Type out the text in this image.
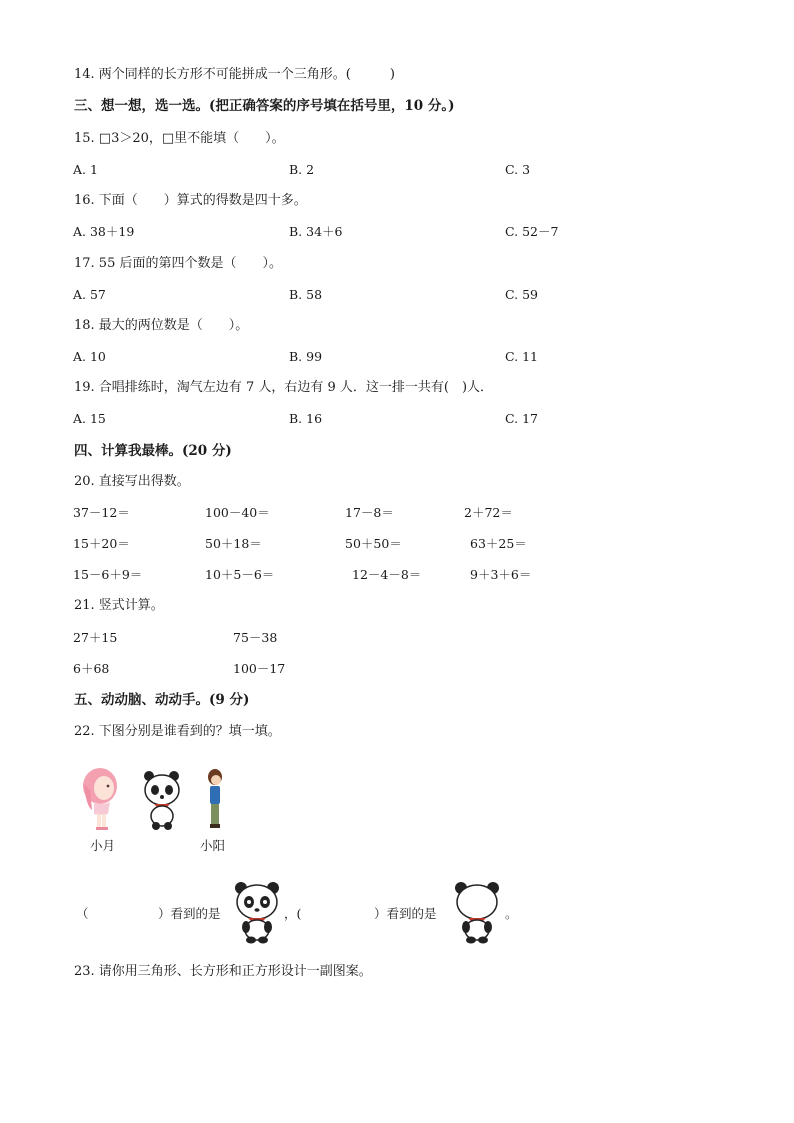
14. 两个同样的长方形不可能拼成一个三角形。(　　　)
三、想一想，选一选。(把正确答案的序号填在括号里，10 分。)
15. □3＞20，□里不能填（　　）。
A. 1	B. 2	C. 3
16. 下面（　　）算式的得数是四十多。
A. 38＋19	B. 34＋6	C. 52－7
17. 55 后面的第四个数是（　　）。
A. 57	B. 58	C. 59
18. 最大的两位数是（　　）。
A. 10	B. 99	C. 11
19. 合唱排练时，淘气左边有 7 人，右边有 9 人．这一排一共有(　)人．
A. 15	B. 16	C. 17
四、计算我最棒。(20 分)
20. 直接写出得数。
37－12＝	100－40＝	17－8＝	2＋72＝
15＋20＝	50＋18＝	50＋50＝	63＋25＝
15－6＋9＝	10＋5－6＝	12－4－8＝	9＋3＋6＝
21. 竖式计算。
27＋15	75－38
6＋68	100－17
五、动动脑、动动手。(9 分)
22. 下图分别是谁看到的？填一填。
小月	小阳
（	）看到的是	，(	）看到的是	。
23. 请你用三角形、长方形和正方形设计一副图案。
